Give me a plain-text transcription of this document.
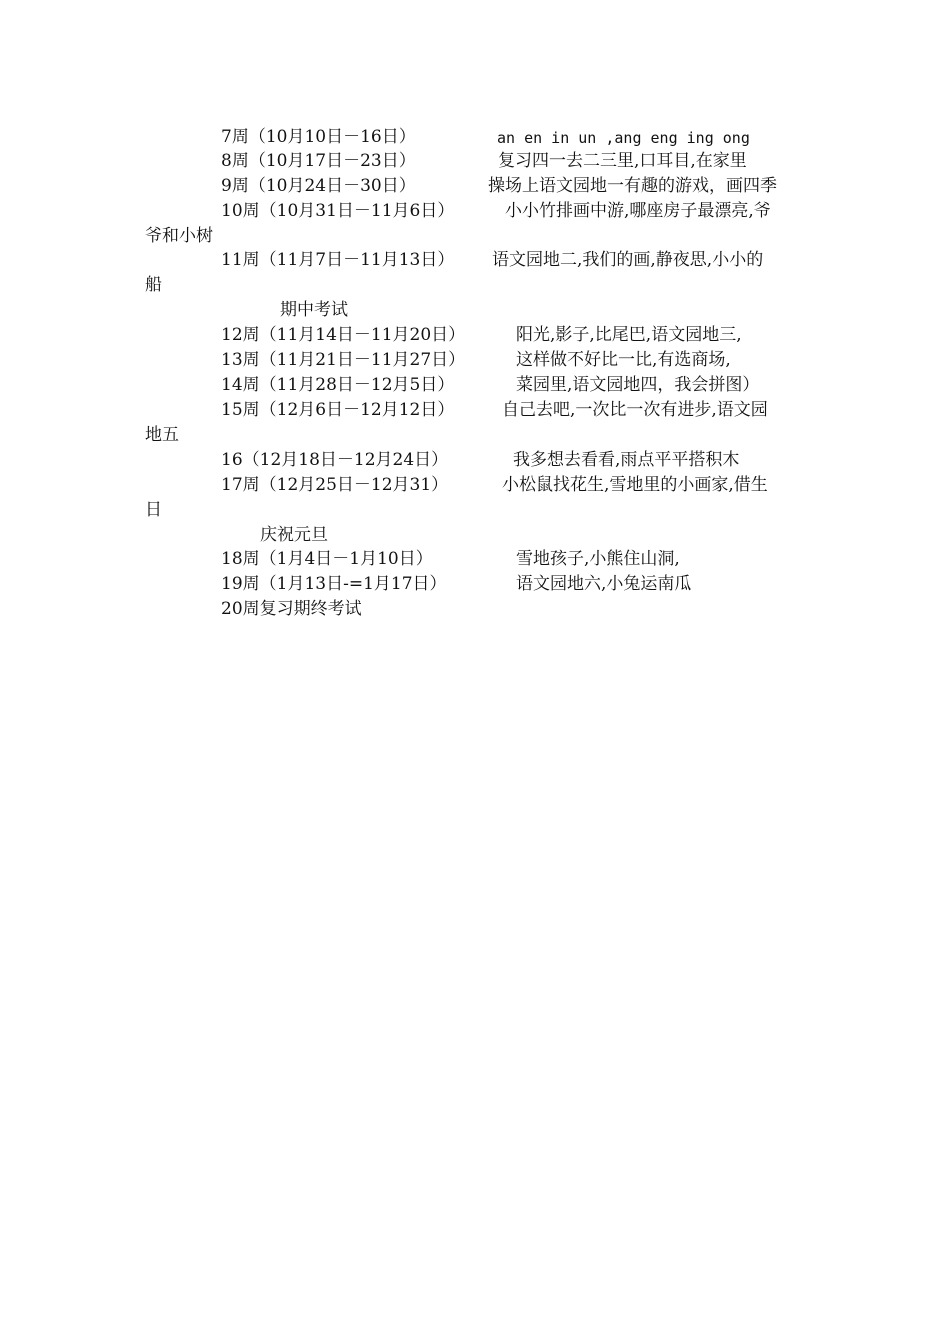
7周（10月10日－16日）	an en in un ,ang eng ing ong
8周（10月17日－23日）	复习四一去二三里,口耳目,在家里
9周（10月24日－30日）	操场上语文园地一有趣的游戏，画四季
10周（10月31日－11月6日）	小小竹排画中游,哪座房子最漂亮,爷
爷和小树
11周（11月7日－11月13日） 语文园地二,我们的画,静夜思,小小的
船
期中考试
12周（11月14日－11月20日）	阳光,影子,比尾巴,语文园地三,
13周（11月21日－11月27日）	这样做不好比一比,有选商场,
14周（11月28日－12月5日）	菜园里,语文园地四，我会拼图）
15周（12月6日－12月12日）	自己去吧,一次比一次有进步,语文园
地五
16（12月18日－12月24日）	我多想去看看,雨点平平搭积木
17周（12月25日－12月31）	小松鼠找花生,雪地里的小画家,借生
日
庆祝元旦
18周（1月4日－1月10日）	雪地孩子,小熊住山洞,
19周（1月13日-=1月17日）	语文园地六,小兔运南瓜
20周复习期终考试
